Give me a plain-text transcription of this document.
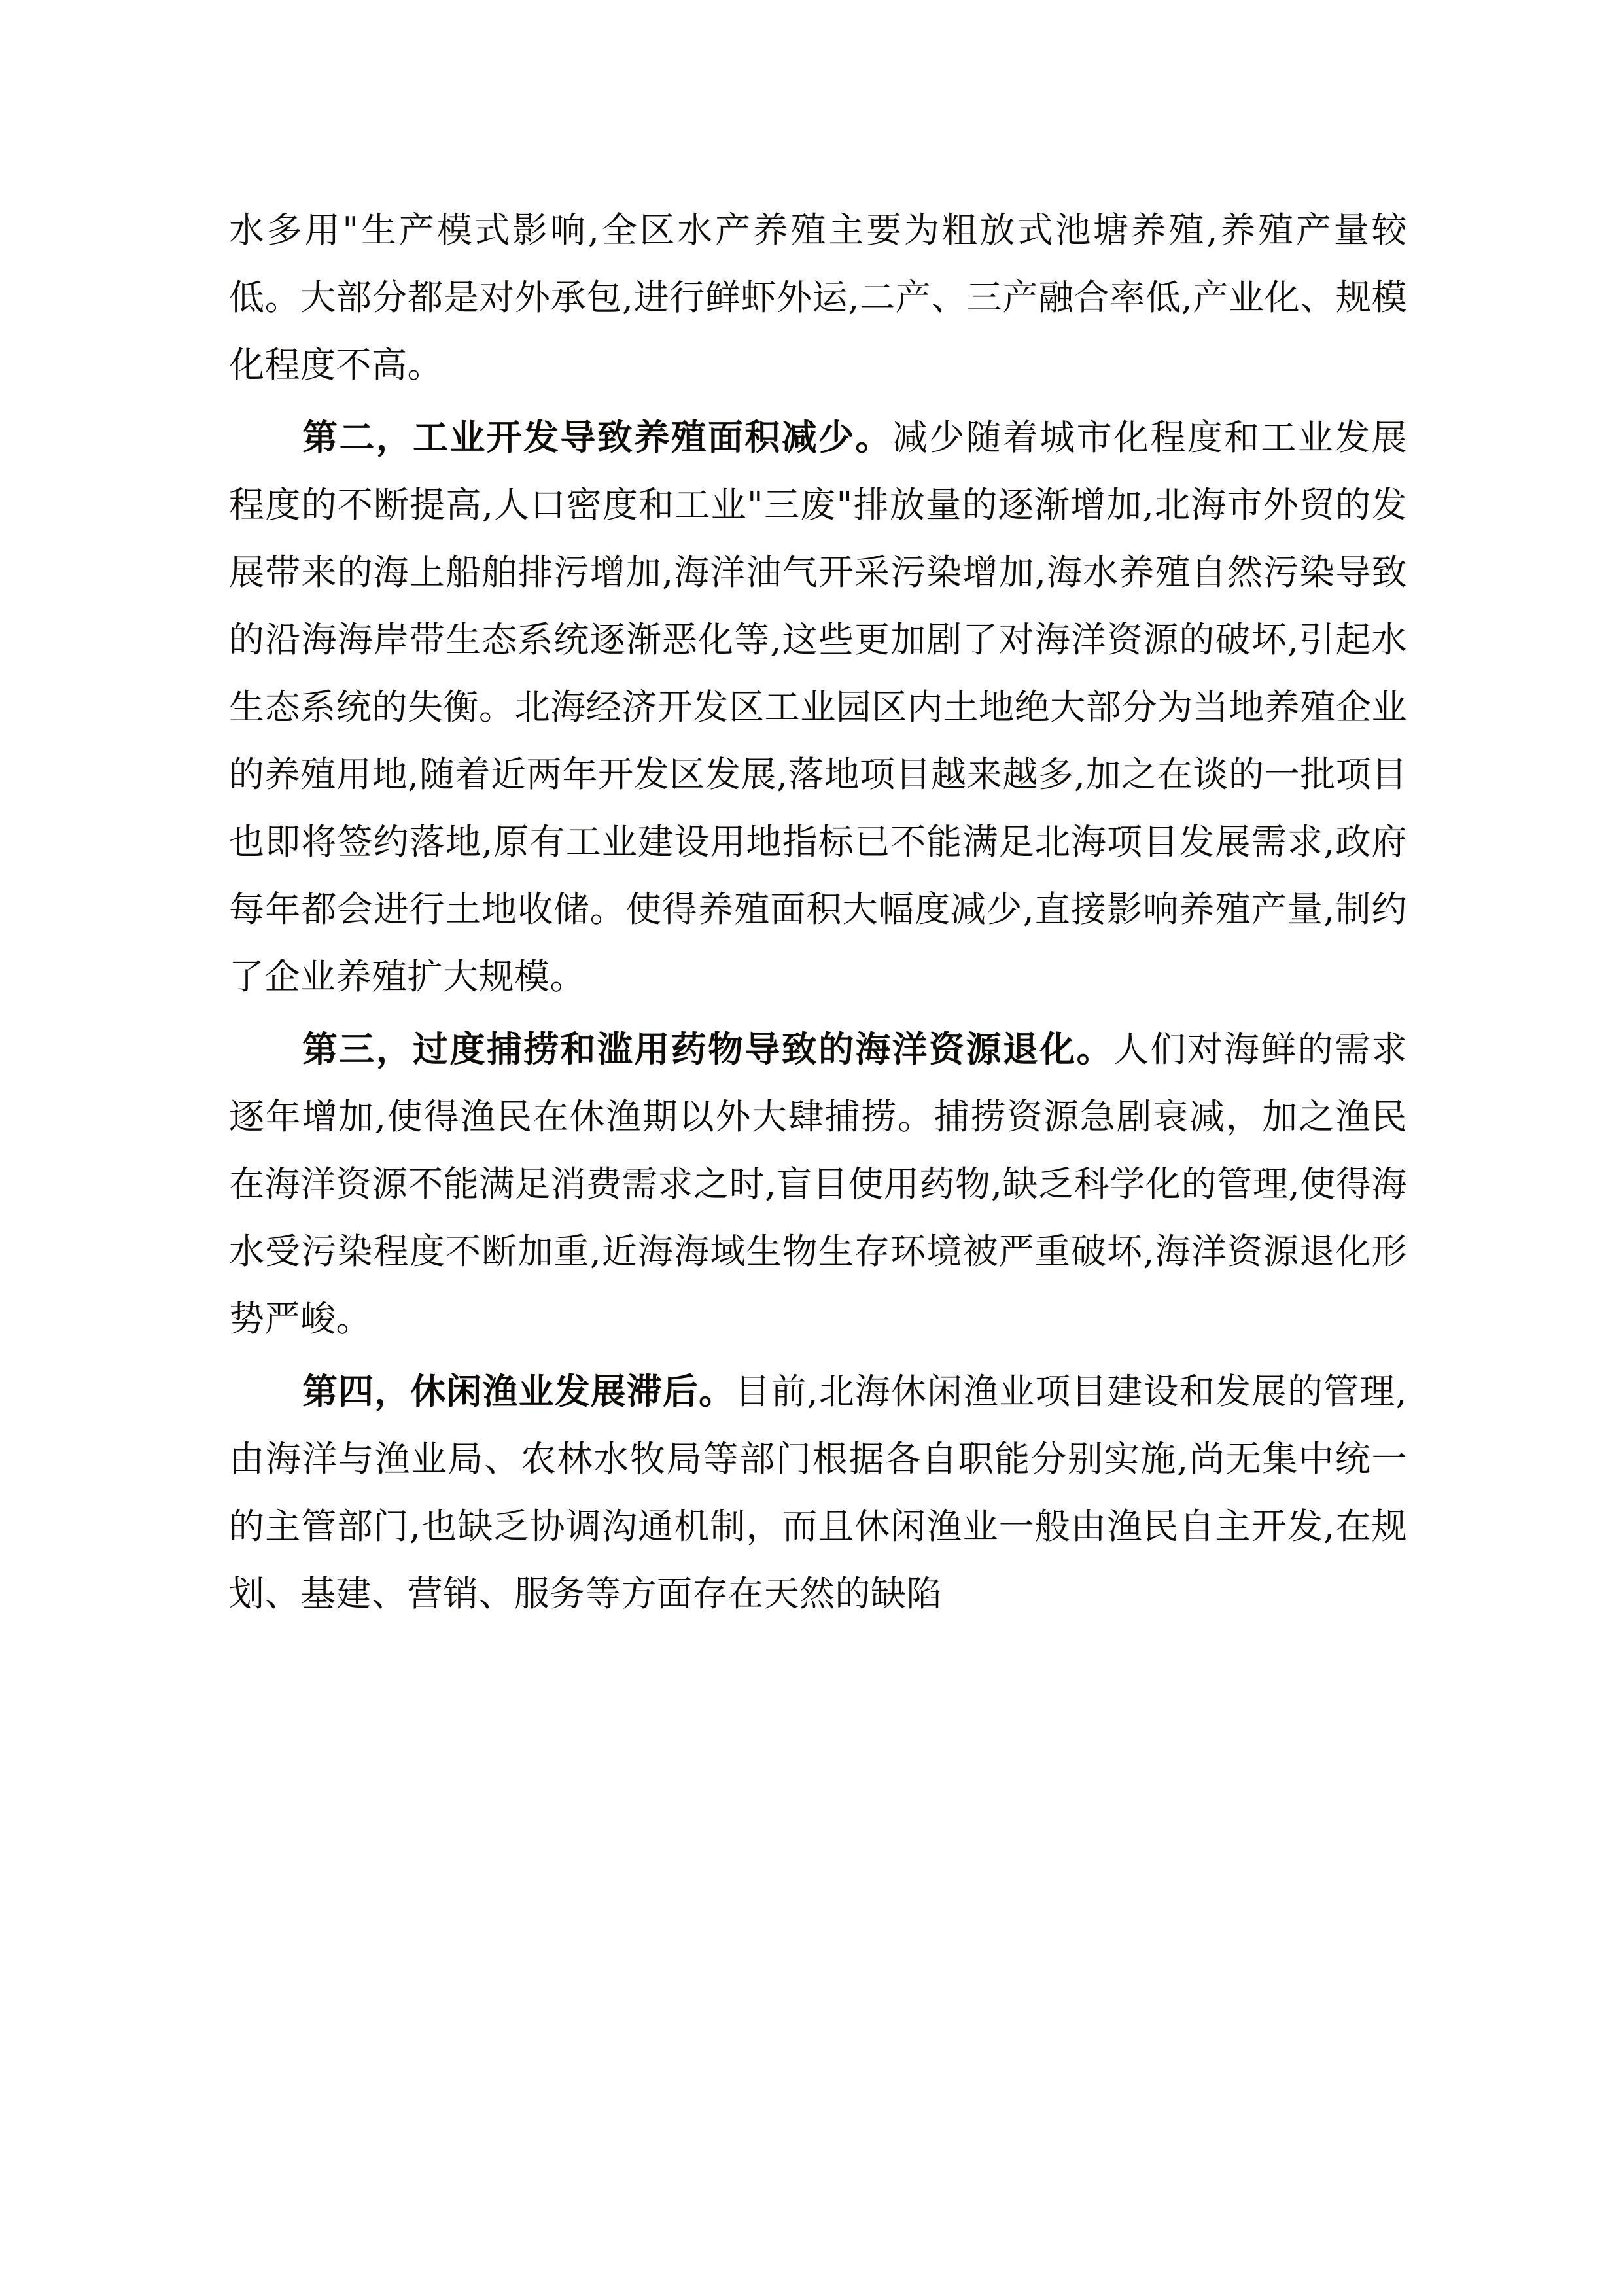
水多用"生产模式影响,全区水产养殖主要为粗放式池塘养殖,养殖产量较低。大部分都是对外承包,进行鲜虾外运,二产、三产融合率低,产业化、规模化程度不高。

第二，工业开发导致养殖面积减少。减少随着城市化程度和工业发展程度的不断提高,人口密度和工业"三废"排放量的逐渐增加,北海市外贸的发展带来的海上船舶排污增加,海洋油气开采污染增加,海水养殖自然污染导致的沿海海岸带生态系统逐渐恶化等,这些更加剧了对海洋资源的破坏,引起水生态系统的失衡。北海经济开发区工业园区内土地绝大部分为当地养殖企业的养殖用地,随着近两年开发区发展,落地项目越来越多,加之在谈的一批项目也即将签约落地,原有工业建设用地指标已不能满足北海项目发展需求,政府每年都会进行土地收储。使得养殖面积大幅度减少,直接影响养殖产量,制约了企业养殖扩大规模。

第三，过度捕捞和滥用药物导致的海洋资源退化。人们对海鲜的需求逐年增加,使得渔民在休渔期以外大肆捕捞。捕捞资源急剧衰减，加之渔民在海洋资源不能满足消费需求之时,盲目使用药物,缺乏科学化的管理,使得海水受污染程度不断加重,近海海域生物生存环境被严重破坏,海洋资源退化形势严峻。

第四，休闲渔业发展滞后。目前,北海休闲渔业项目建设和发展的管理,由海洋与渔业局、农林水牧局等部门根据各自职能分别实施,尚无集中统一的主管部门,也缺乏协调沟通机制，而且休闲渔业一般由渔民自主开发,在规划、基建、营销、服务等方面存在天然的缺陷
